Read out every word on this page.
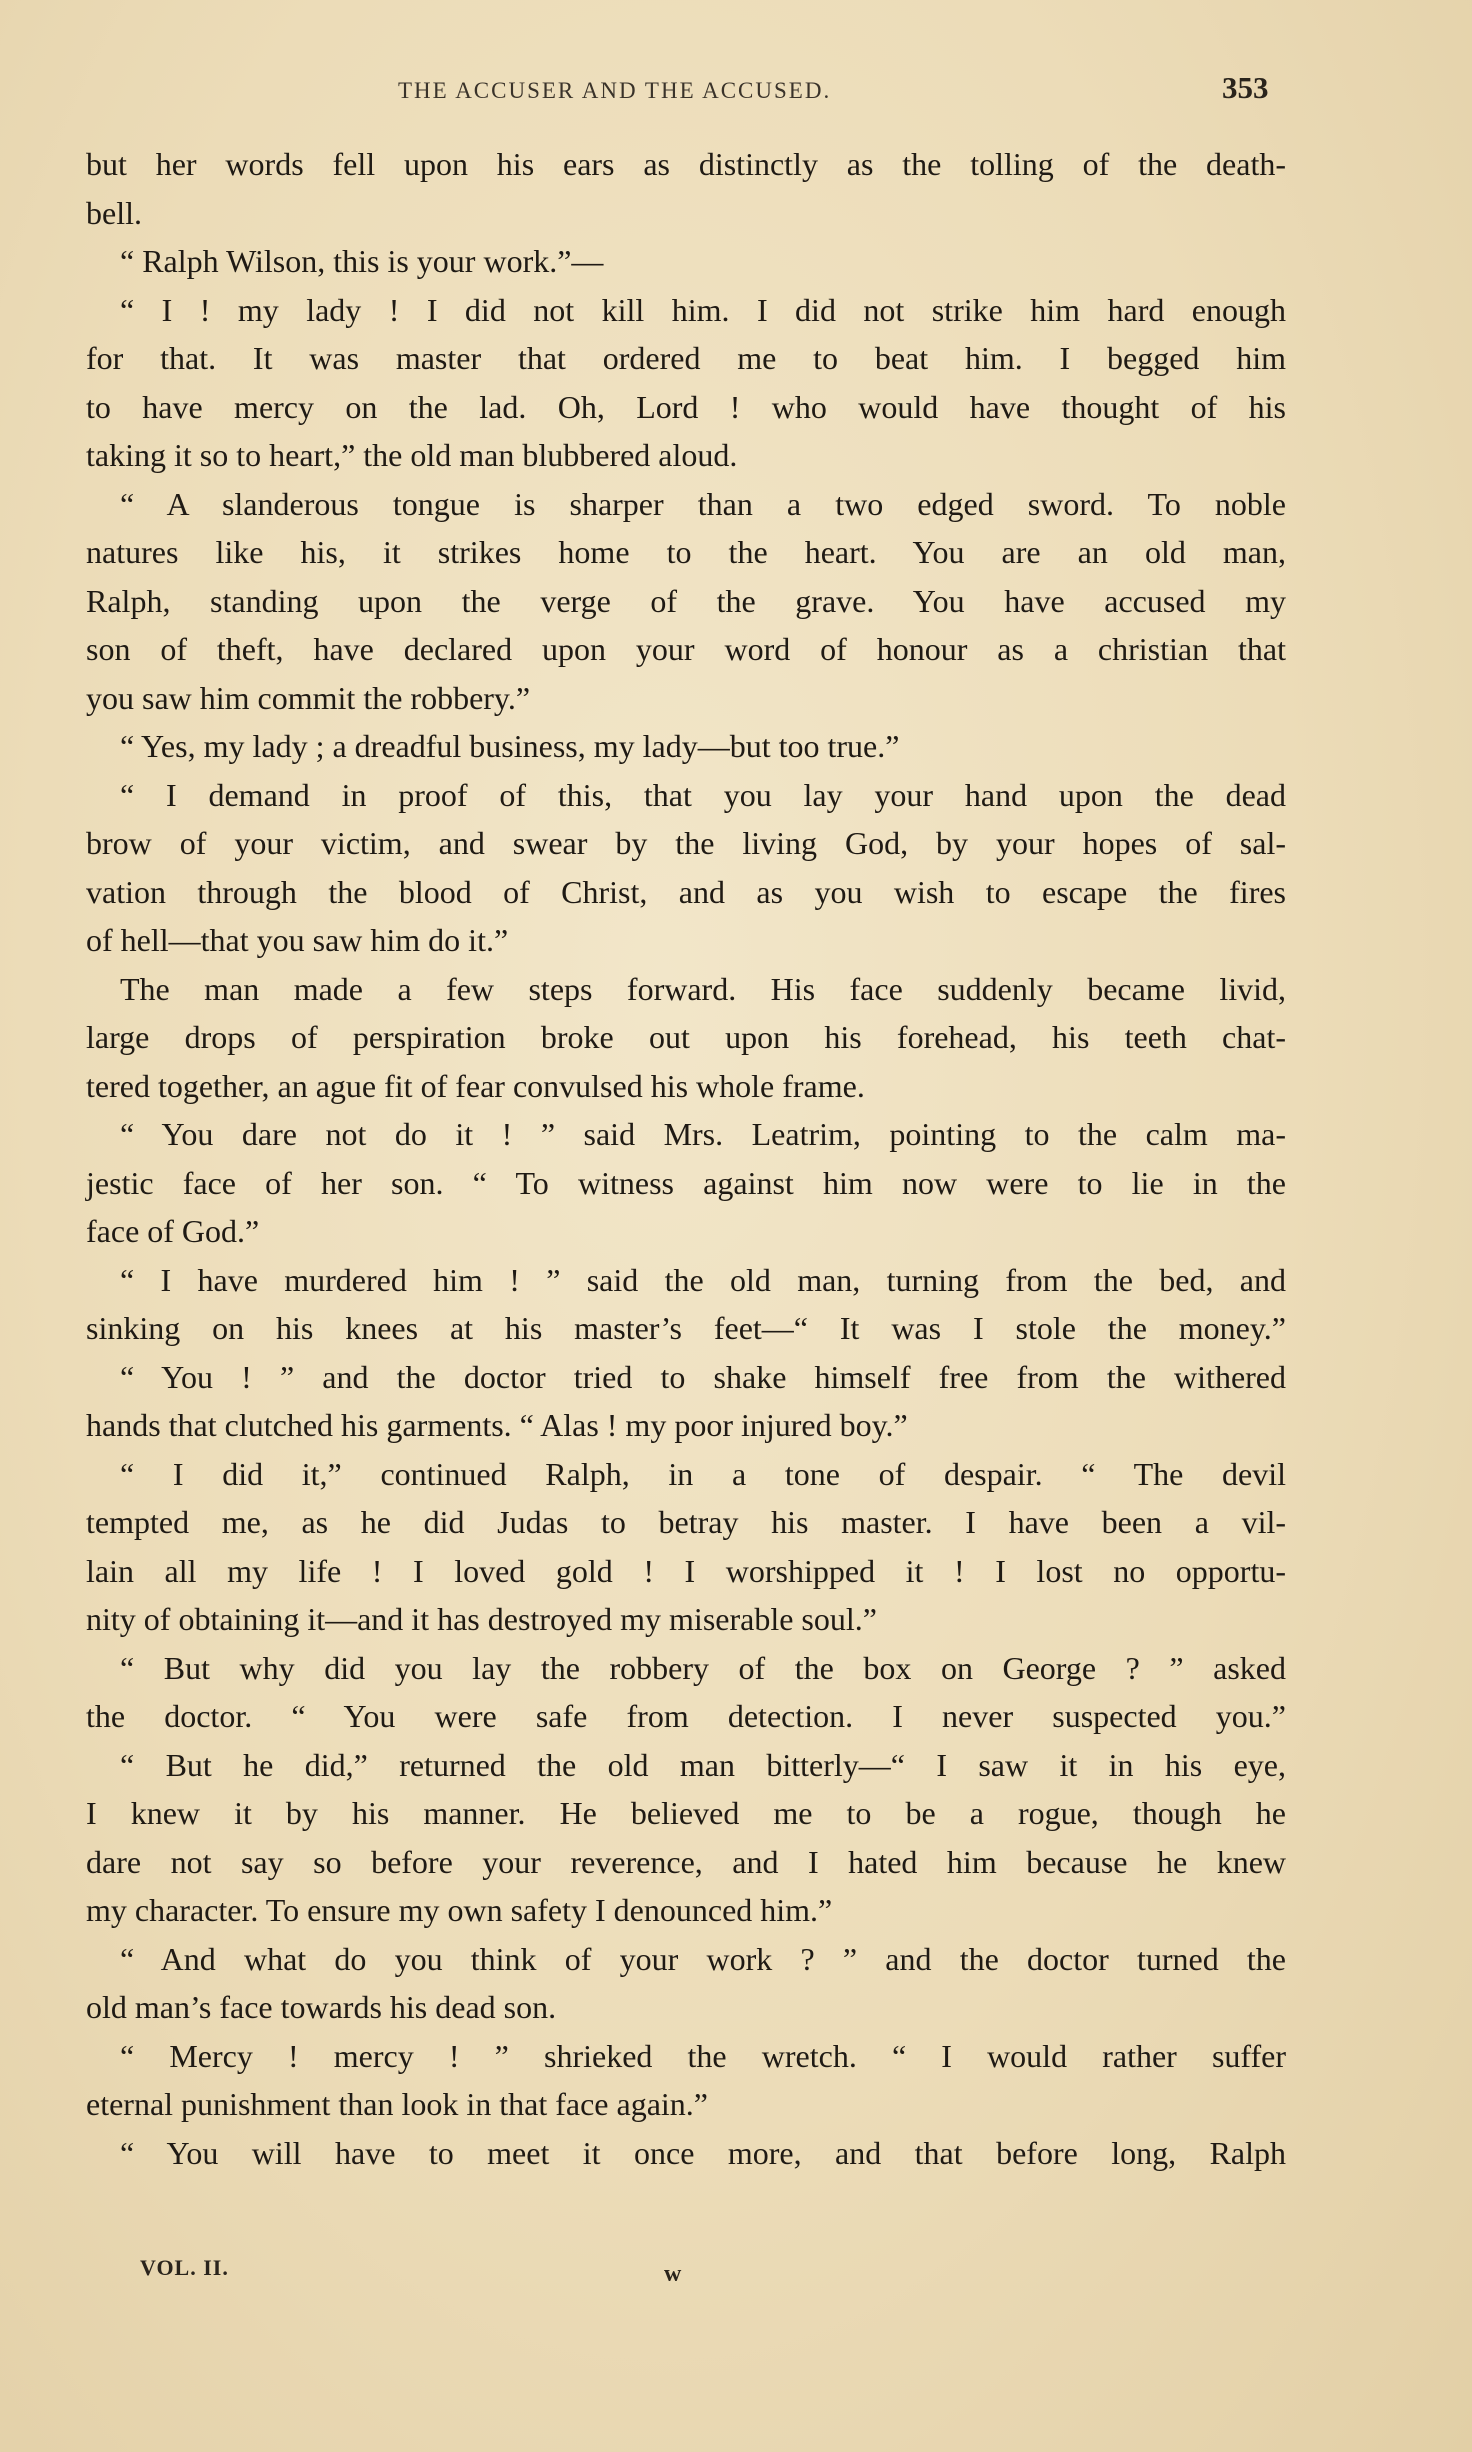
THE ACCUSER AND THE ACCUSED.	353
but her words fell upon his ears as distinctly as the tolling of the death-
bell.
“ Ralph Wilson, this is your work.”—
“ I ! my lady ! I did not kill him. I did not strike him hard enough
for that. It was master that ordered me to beat him. I begged him
to have mercy on the lad. Oh, Lord ! who would have thought of his
taking it so to heart,” the old man blubbered aloud.
“ A slanderous tongue is sharper than a two edged sword. To noble
natures like his, it strikes home to the heart. You are an old man,
Ralph, standing upon the verge of the grave. You have accused my
son of theft, have declared upon your word of honour as a christian that
you saw him commit the robbery.”
“ Yes, my lady ; a dreadful business, my lady—but too true.”
“ I demand in proof of this, that you lay your hand upon the dead
brow of your victim, and swear by the living God, by your hopes of sal-
vation through the blood of Christ, and as you wish to escape the fires
of hell—that you saw him do it.”
The man made a few steps forward. His face suddenly became livid,
large drops of perspiration broke out upon his forehead, his teeth chat-
tered together, an ague fit of fear convulsed his whole frame.
“ You dare not do it ! ” said Mrs. Leatrim, pointing to the calm ma-
jestic face of her son. “ To witness against him now were to lie in the
face of God.”
“ I have murdered him ! ” said the old man, turning from the bed, and
sinking on his knees at his master’s feet—“ It was I stole the money.”
“ You ! ” and the doctor tried to shake himself free from the withered
hands that clutched his garments. “ Alas ! my poor injured boy.”
“ I did it,” continued Ralph, in a tone of despair. “ The devil
tempted me, as he did Judas to betray his master. I have been a vil-
lain all my life ! I loved gold ! I worshipped it ! I lost no opportu-
nity of obtaining it—and it has destroyed my miserable soul.”
“ But why did you lay the robbery of the box on George ? ” asked
the doctor. “ You were safe from detection. I never suspected you.”
“ But he did,” returned the old man bitterly—“ I saw it in his eye,
I knew it by his manner. He believed me to be a rogue, though he
dare not say so before your reverence, and I hated him because he knew
my character. To ensure my own safety I denounced him.”
“ And what do you think of your work ? ” and the doctor turned the
old man’s face towards his dead son.
“ Mercy ! mercy ! ” shrieked the wretch. “ I would rather suffer
eternal punishment than look in that face again.”
“ You will have to meet it once more, and that before long, Ralph
VOL. II.	w
